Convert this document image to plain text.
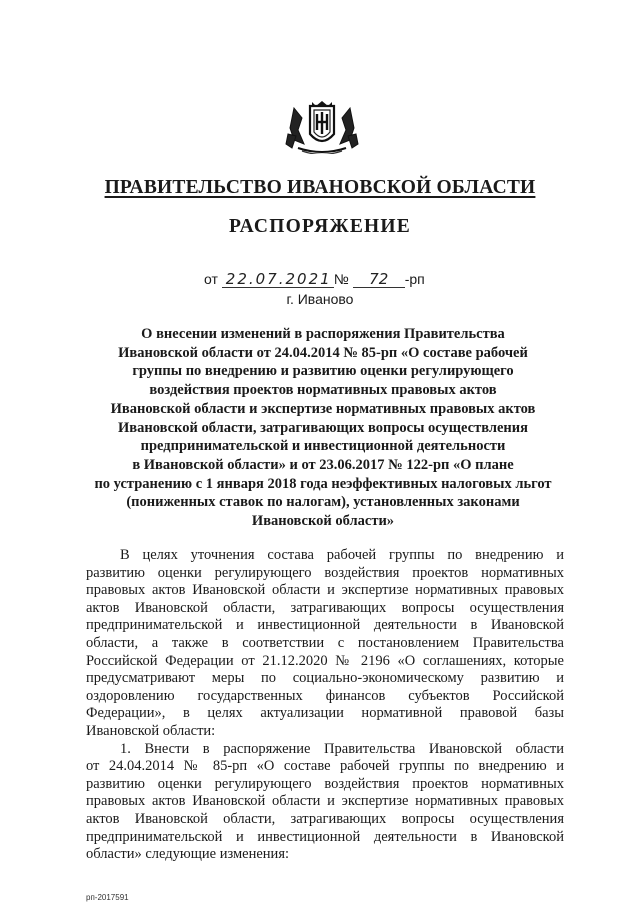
ПРАВИТЕЛЬСТВО ИВАНОВСКОЙ ОБЛАСТИ
РАСПОРЯЖЕНИЕ
от 22.07.2021 № 72 -рп
г. Иваново

О внесении изменений в распоряжения Правительства
Ивановской области от 24.04.2014 № 85-рп «О составе рабочей
группы по внедрению и развитию оценки регулирующего
воздействия проектов нормативных правовых актов
Ивановской области и экспертизе нормативных правовых актов
Ивановской области, затрагивающих вопросы осуществления
предпринимательской и инвестиционной деятельности
в Ивановской области» и от 23.06.2017 № 122-рп «О плане
по устранению с 1 января 2018 года неэффективных налоговых льгот
(пониженных ставок по налогам), установленных законами
Ивановской области»

В целях уточнения состава рабочей группы по внедрению и
развитию оценки регулирующего воздействия проектов нормативных
правовых актов Ивановской области и экспертизе нормативных правовых
актов Ивановской области, затрагивающих вопросы осуществления
предпринимательской и инвестиционной деятельности в Ивановской
области, а также в соответствии с постановлением Правительства
Российской Федерации от 21.12.2020 № 2196 «О соглашениях, которые
предусматривают меры по социально-экономическому развитию и
оздоровлению государственных финансов субъектов Российской
Федерации», в целях актуализации нормативной правовой базы
Ивановской области:

1. Внести в распоряжение Правительства Ивановской области
от 24.04.2014 № 85-рп «О составе рабочей группы по внедрению и
развитию оценки регулирующего воздействия проектов нормативных
правовых актов Ивановской области и экспертизе нормативных правовых
актов Ивановской области, затрагивающих вопросы осуществления
предпринимательской и инвестиционной деятельности в Ивановской
области» следующие изменения:

рп-2017591
